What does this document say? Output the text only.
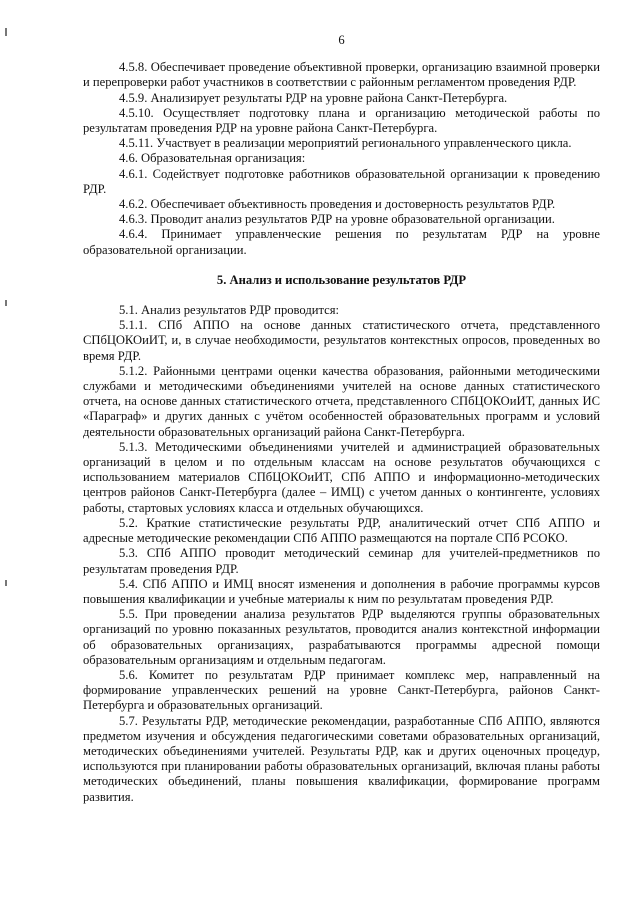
6

4.5.8. Обеспечивает проведение объективной проверки, организацию взаимной проверки и перепроверки работ участников в соответствии с районным регламентом проведения РДР.

4.5.9. Анализирует результаты РДР на уровне района Санкт-Петербурга.

4.5.10. Осуществляет подготовку плана и организацию методической работы по результатам проведения РДР на уровне района Санкт-Петербурга.

4.5.11. Участвует в реализации мероприятий регионального управленческого цикла.

4.6. Образовательная организация:

4.6.1. Содействует подготовке работников образовательной организации к проведению РДР.

4.6.2. Обеспечивает объективность проведения и достоверность результатов РДР.

4.6.3. Проводит анализ результатов РДР на уровне образовательной организации.

4.6.4. Принимает управленческие решения по результатам РДР на уровне образовательной организации.

5. Анализ и использование результатов РДР

5.1. Анализ результатов РДР проводится:

5.1.1. СПб АППО на основе данных статистического отчета, представленного СПбЦОКОиИТ, и, в случае необходимости, результатов контекстных опросов, проведенных во время РДР.

5.1.2. Районными центрами оценки качества образования, районными методическими службами и методическими объединениями учителей на основе данных статистического отчета, на основе данных статистического отчета, представленного СПбЦОКОиИТ, данных ИС «Параграф» и других данных с учётом особенностей образовательных программ и условий деятельности образовательных организаций района Санкт-Петербурга.

5.1.3. Методическими объединениями учителей и администрацией образовательных организаций в целом и по отдельным классам на основе результатов обучающихся с использованием материалов СПбЦОКОиИТ, СПб АППО и информационно-методических центров районов Санкт-Петербурга (далее – ИМЦ) с учетом данных о контингенте, условиях работы, стартовых условиях класса и отдельных обучающихся.

5.2. Краткие статистические результаты РДР, аналитический отчет СПб АППО и адресные методические рекомендации СПб АППО размещаются на портале СПб РСОКО.

5.3. СПб АППО проводит методический семинар для учителей-предметников по результатам проведения РДР.

5.4. СПб АППО и ИМЦ вносят изменения и дополнения в рабочие программы курсов повышения квалификации и учебные материалы к ним по результатам проведения РДР.

5.5. При проведении анализа результатов РДР выделяются группы образовательных организаций по уровню показанных результатов, проводится анализ контекстной информации об образовательных организациях, разрабатываются программы адресной помощи образовательным организациям и отдельным педагогам.

5.6. Комитет по результатам РДР принимает комплекс мер, направленный на формирование управленческих решений на уровне Санкт-Петербурга, районов Санкт-Петербурга и образовательных организаций.

5.7. Результаты РДР, методические рекомендации, разработанные СПб АППО, являются предметом изучения и обсуждения педагогическими советами образовательных организаций, методических объединениями учителей. Результаты РДР, как и других оценочных процедур, используются при планировании работы образовательных организаций, включая планы работы методических объединений, планы повышения квалификации, формирование программ развития.
